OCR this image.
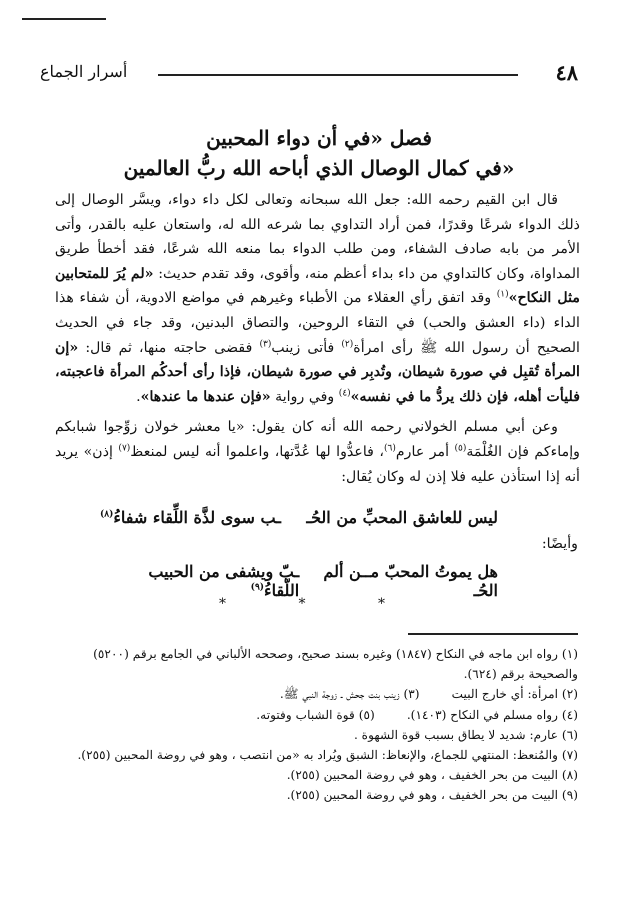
٤٨
أسرار الجماع
فصل «في أن دواء المحبين
في كمال الوصال الذي أباحه الله ربُّ العالمين»

قال ابن القيم رحمه الله: جعل الله سبحانه وتعالى لكل داء دواء، ويسَّر الوصال إلى ذلك الدواء شرعًا وقدرًا، فمن أراد التداوي بما شرعه الله له، واستعان عليه بالقدر، وأتى الأمر من بابه صادف الشفاء، ومن طلب الدواء بما منعه الله شرعًا، فقد أخطأ طريق المداواة، وكان كالتداوي من داء بداء أعظم منه، وأقوى، وقد تقدم حديث: «لم يُرَ للمتحابين مثل النكاح»$^{(١)}$ وقد اتفق رأي العقلاء من الأطباء وغيرهم في مواضع الادوية، أن شفاء هذا الداء (داء العشق والحب) في التقاء الروحين، والتصاق البدنين، وقد جاء في الحديث الصحيح أن رسول الله ﷺ رأى امرأة$^{(٢)}$ فأتى زينب$^{(٣)}$ فقضى حاجته منها، ثم قال: «إن المرأة تُقبِل في صورة شيطان، وتُدبِر في صورة شيطان، فإذا رأى أحدكُم المرأة فاعجبته، فليأت أهله، فإن ذلك يردُّ ما في نفسه»$^{(٤)}$ وفي رواية «فإن عندها ما عندها».

وعن أبي مسلم الخولاني رحمه الله أنه كان يقول: «يا معشر خولان زوِّجوا شبابكم وإماءكم فإن الغُلْمَة$^{(٥)}$ أمر عارم$^{(٦)}$، فاعدُّوا لها عُدَّتها، واعلموا أنه ليس لمنعظ$^{(٧)}$ إذن» يريد أنه إذا استأذن عليه فلا إذن له وكان يُقال:

ليس للعاشق المحبِّ من الحُـ
ـب سوى لذَّة اللِّقاء شفاءُ$^{(٨)}$
وأيضًا:
هل يموتُ المحبّ مــن ألم الحُـ
ـبّ ويشفى من الحبيب اللّقاءُ$^{(٩)}$
* * *
(١) رواه ابن ماجه في النكاح (١٨٤٧) وغيره بسند صحيح، وصححه الألباني في الجامع برقم (٥٢٠٠) والصحيحة برقم (٦٢٤).
(٢) امرأة: أي خارج البيت
(٣) زينب بنت جحش ـ زوجة النبي ﷺ.
(٤) رواه مسلم في النكاح (١٤٠٣).
(٥) قوة الشباب وفتوته.
(٦) عارم: شديد لا يطاق بسبب قوة الشهوة .
(٧) والمُنعظ: المنتهي للجماع، والإنعاظ: الشبق ويُراد به «من انتصب ، وهو في روضة المحبين (٢٥٥).
(٨) البيت من بحر الخفيف ، وهو في روضة المحبين (٢٥٥).
(٩) البيت من بحر الخفيف ، وهو في روضة المحبين (٢٥٥).
